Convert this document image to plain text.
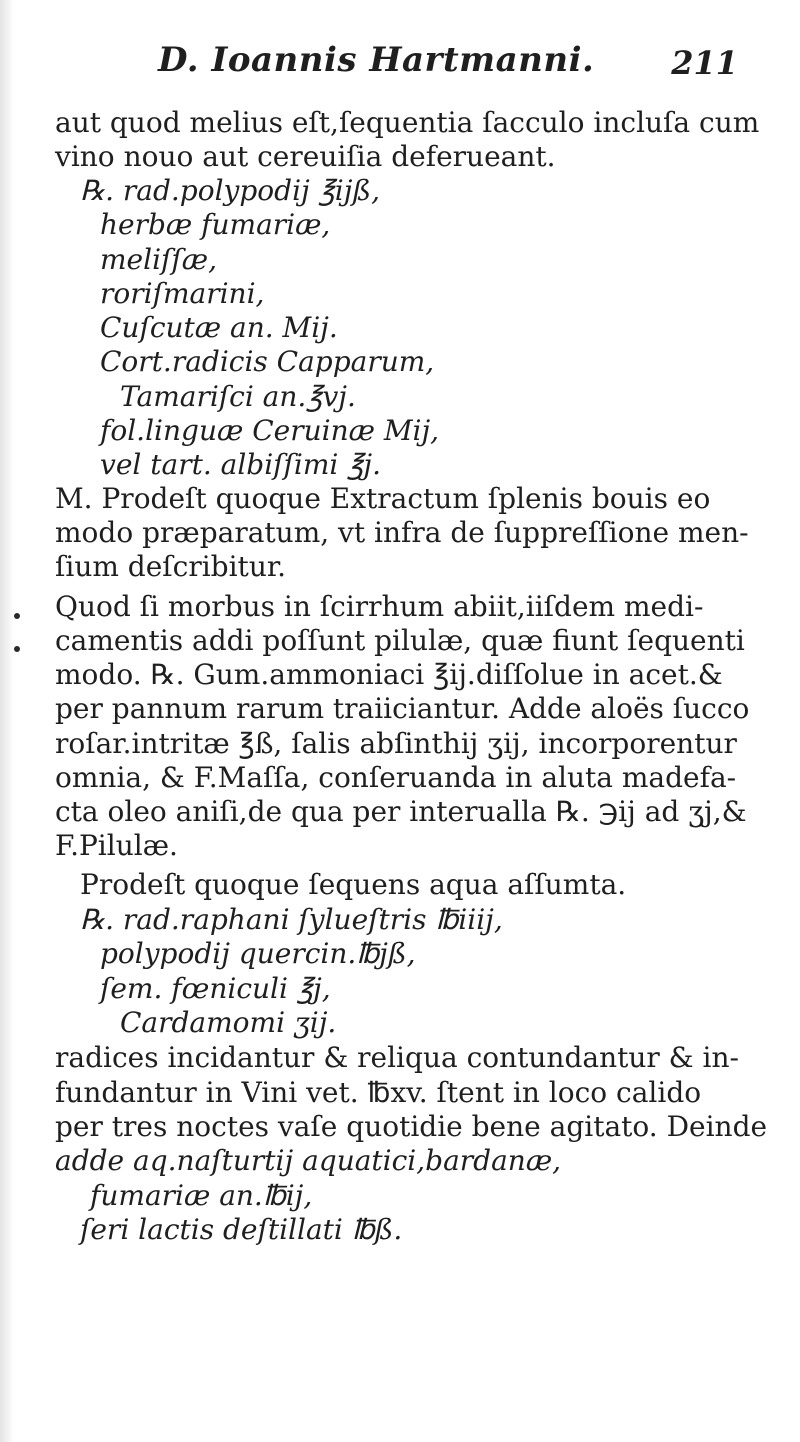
D. Ioannis Hartmanni. 211
aut quod melius eſt,ſequentia ſacculo incluſa cum
vino nouo aut cereuiſia deferueant.
℞. rad.polypodij ℥ijß,
herbæ fumariæ,
meliſſæ,
roriſmarini,
Cuſcutæ an. Mij.
Cort.radicis Capparum,
Tamariſci an.℥vj.
fol.linguæ Ceruinæ Mij,
vel tart. albiſſimi ℥j.
M. Prodeſt quoque Extractum ſplenis bouis eo
modo præparatum, vt infra de ſuppreſſione men-
ſium deſcribitur.
Quod ſi morbus in ſcirrhum abiit,iiſdem medi-
camentis addi poſſunt pilulæ, quæ fiunt ſequenti
modo. ℞. Gum.ammoniaci ℥ij.diſſolue in acet.&
per pannum rarum traiiciantur. Adde aloës ſucco
roſar.intritæ ℥ß, ſalis abſinthij ʒij, incorporentur
omnia, & F.Maſſa, conſeruanda in aluta madefa-
cta oleo aniſi,de qua per interualla ℞. ℈ij ad ʒj,&
F.Pilulæ.
Prodeſt quoque ſequens aqua aſſumta.
℞. rad.raphani ſylueſtris ℔iiij,
polypodij quercin.℔jß,
ſem. fœniculi ℥j,
Cardamomi ʒij.
radices incidantur & reliqua contundantur & in-
fundantur in Vini vet. ℔xv. ſtent in loco calido
per tres noctes vaſe quotidie bene agitato. Deinde
adde aq.naſturtij aquatici,bardanæ,
fumariæ an.℔ij,
ſeri lactis deſtillati ℔ß.
